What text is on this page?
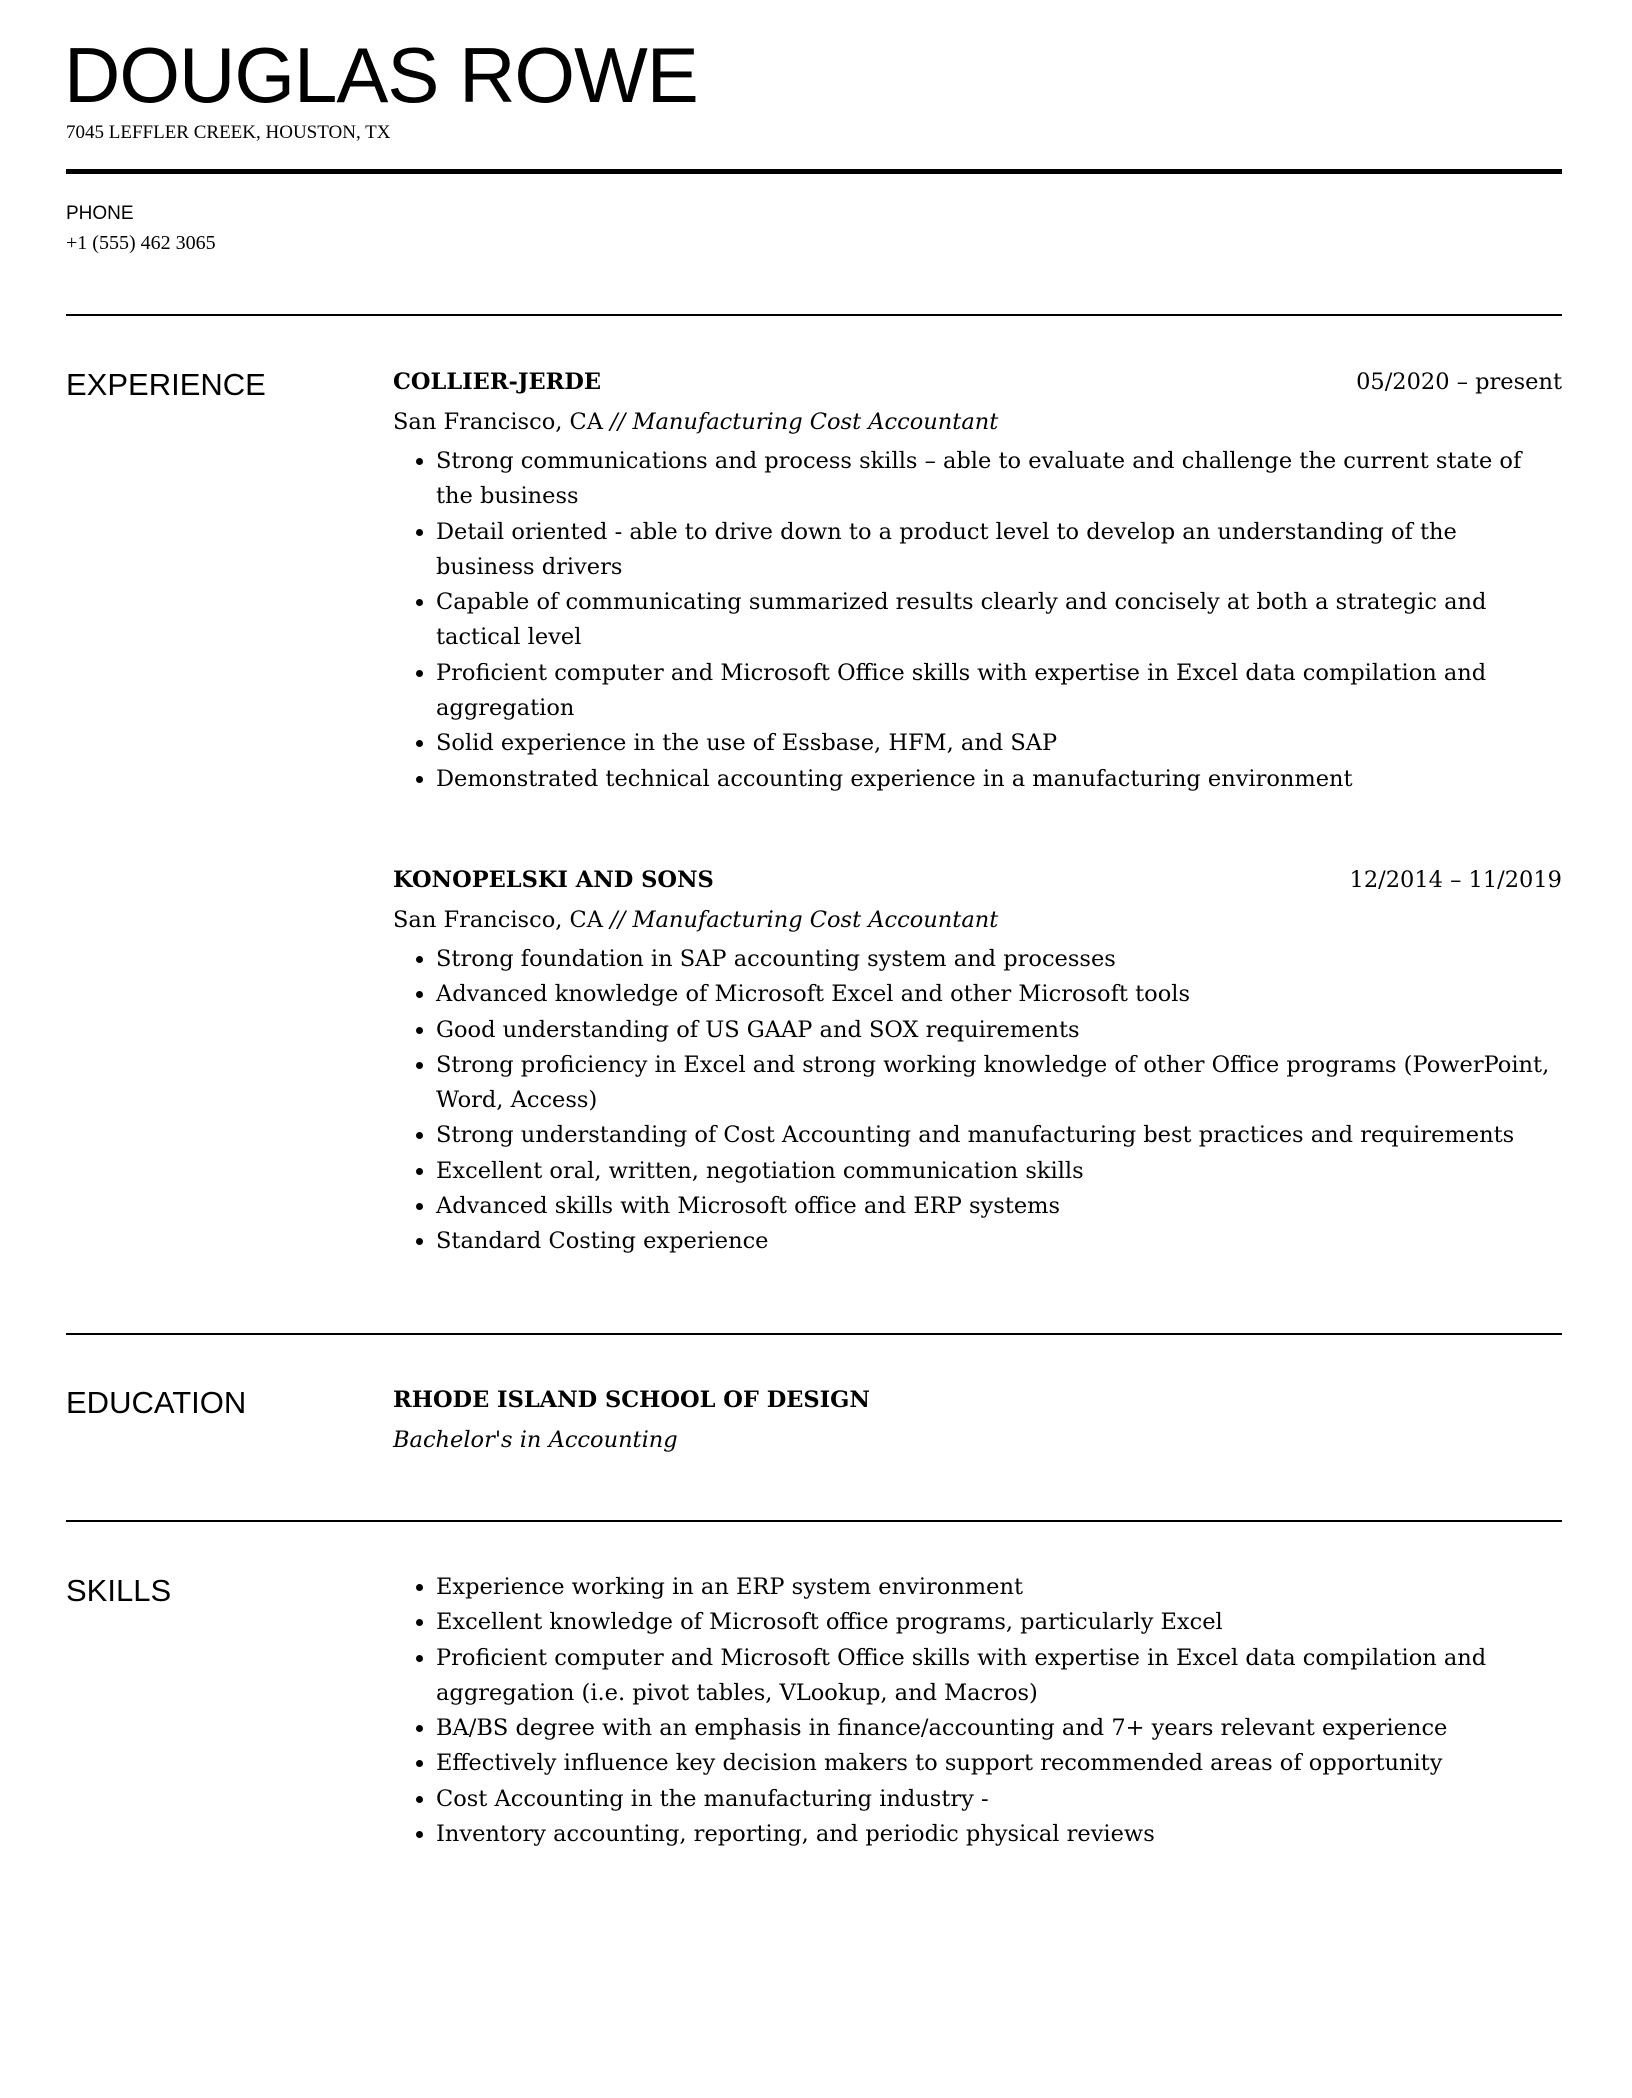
DOUGLAS ROWE
7045 LEFFLER CREEK, HOUSTON, TX
PHONE
+1 (555) 462 3065
EXPERIENCE	COLLIER-JERDE	05/2020 – present
San Francisco, CA // Manufacturing Cost Accountant
• Strong communications and process skills – able to evaluate and challenge the current state of the business
• Detail oriented - able to drive down to a product level to develop an understanding of the business drivers
• Capable of communicating summarized results clearly and concisely at both a strategic and tactical level
• Proficient computer and Microsoft Office skills with expertise in Excel data compilation and aggregation
• Solid experience in the use of Essbase, HFM, and SAP
• Demonstrated technical accounting experience in a manufacturing environment
KONOPELSKI AND SONS	12/2014 – 11/2019
San Francisco, CA // Manufacturing Cost Accountant
• Strong foundation in SAP accounting system and processes
• Advanced knowledge of Microsoft Excel and other Microsoft tools
• Good understanding of US GAAP and SOX requirements
• Strong proficiency in Excel and strong working knowledge of other Office programs (PowerPoint, Word, Access)
• Strong understanding of Cost Accounting and manufacturing best practices and requirements
• Excellent oral, written, negotiation communication skills
• Advanced skills with Microsoft office and ERP systems
• Standard Costing experience
EDUCATION	RHODE ISLAND SCHOOL OF DESIGN
Bachelor's in Accounting
SKILLS	• Experience working in an ERP system environment
• Excellent knowledge of Microsoft office programs, particularly Excel
• Proficient computer and Microsoft Office skills with expertise in Excel data compilation and aggregation (i.e. pivot tables, VLookup, and Macros)
• BA/BS degree with an emphasis in finance/accounting and 7+ years relevant experience
• Effectively influence key decision makers to support recommended areas of opportunity
• Cost Accounting in the manufacturing industry -
• Inventory accounting, reporting, and periodic physical reviews
